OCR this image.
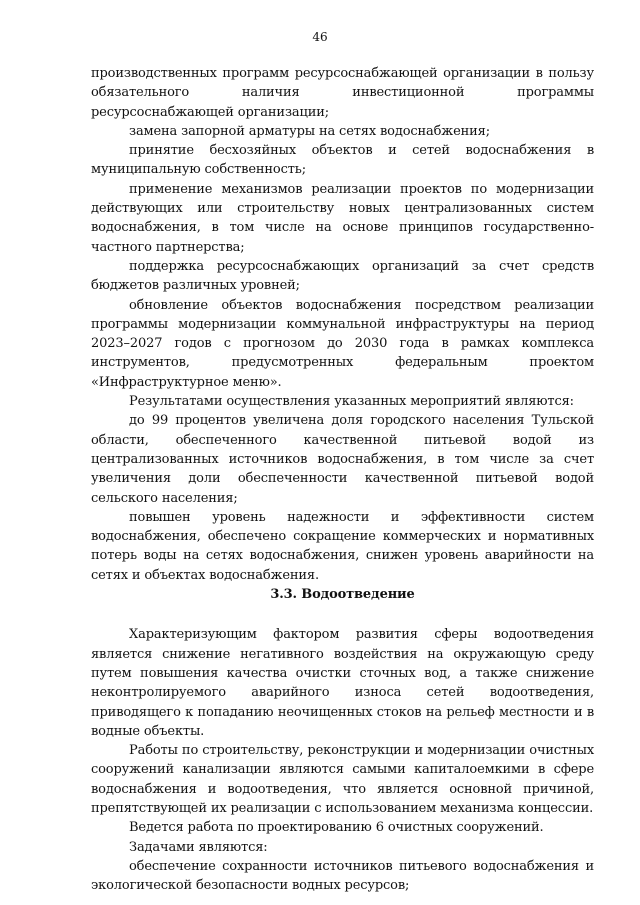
46

производственных программ ресурсоснабжающей организации в пользу обязательного наличия инвестиционной программы ресурсоснабжающей организации;

замена запорной арматуры на сетях водоснабжения;

принятие бесхозяйных объектов и сетей водоснабжения в муниципальную собственность;

применение механизмов реализации проектов по модернизации действующих или строительству новых централизованных систем водоснабжения, в том числе на основе принципов государственно-частного партнерства;

поддержка ресурсоснабжающих организаций за счет средств бюджетов различных уровней;

обновление объектов водоснабжения посредством реализации программы модернизации коммунальной инфраструктуры на период 2023–2027 годов с прогнозом до 2030 года в рамках комплекса инструментов, предусмотренных федеральным проектом «Инфраструктурное меню».

Результатами осуществления указанных мероприятий являются:

до 99 процентов увеличена доля городского населения Тульской области, обеспеченного качественной питьевой водой из централизованных источников водоснабжения, в том числе за счет увеличения доли обеспеченности качественной питьевой водой сельского населения;

повышен уровень надежности и эффективности систем водоснабжения, обеспечено сокращение коммерческих и нормативных потерь воды на сетях водоснабжения, снижен уровень аварийности на сетях и объектах водоснабжения.

3.3. Водоотведение

Характеризующим фактором развития сферы водоотведения является снижение негативного воздействия на окружающую среду путем повышения качества очистки сточных вод, а также снижение неконтролируемого аварийного износа сетей водоотведения, приводящего к попаданию неочищенных стоков на рельеф местности и в водные объекты.

Работы по строительству, реконструкции и модернизации очистных сооружений канализации являются самыми капиталоемкими в сфере водоснабжения и водоотведения, что является основной причиной, препятствующей их реализации с использованием механизма концессии.

Ведется работа по проектированию 6 очистных сооружений.

Задачами являются:

обеспечение сохранности источников питьевого водоснабжения и экологической безопасности водных ресурсов;
